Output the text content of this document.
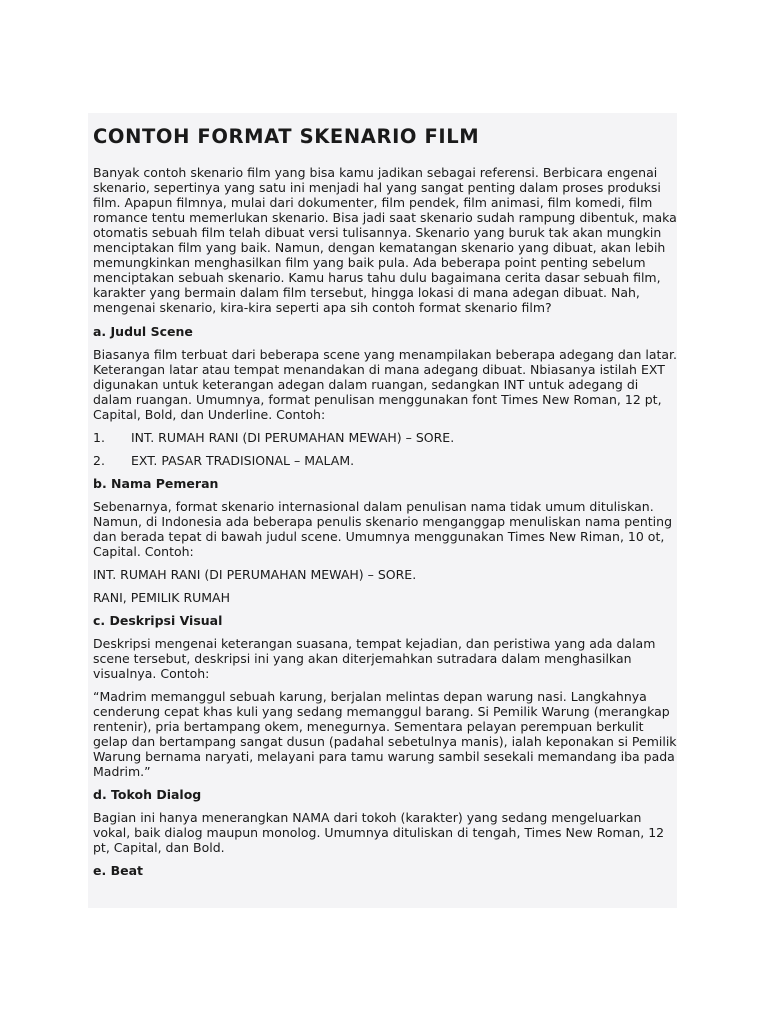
CONTOH FORMAT SKENARIO FILM

Banyak contoh skenario film yang bisa kamu jadikan sebagai referensi. Berbicara engenai skenario, sepertinya yang satu ini menjadi hal yang sangat penting dalam proses produksi film. Apapun filmnya, mulai dari dokumenter, film pendek, film animasi, film komedi, film romance tentu memerlukan skenario. Bisa jadi saat skenario sudah rampung dibentuk, maka otomatis sebuah film telah dibuat versi tulisannya. Skenario yang buruk tak akan mungkin menciptakan film yang baik. Namun, dengan kematangan skenario yang dibuat, akan lebih memungkinkan menghasilkan film yang baik pula. Ada beberapa point penting sebelum menciptakan sebuah skenario. Kamu harus tahu dulu bagaimana cerita dasar sebuah film, karakter yang bermain dalam film tersebut, hingga lokasi di mana adegan dibuat. Nah, mengenai skenario, kira-kira seperti apa sih contoh format skenario film?

a. Judul Scene

Biasanya film terbuat dari beberapa scene yang menampilakan beberapa adegang dan latar. Keterangan latar atau tempat menandakan di mana adegang dibuat. Nbiasanya istilah EXT digunakan untuk keterangan adegan dalam ruangan, sedangkan INT untuk adegang di dalam ruangan. Umumnya, format penulisan menggunakan font Times New Roman, 12 pt, Capital, Bold, dan Underline. Contoh:

1.	INT. RUMAH RANI (DI PERUMAHAN MEWAH) – SORE.
2.	EXT. PASAR TRADISIONAL – MALAM.
b. Nama Pemeran

Sebenarnya, format skenario internasional dalam penulisan nama tidak umum dituliskan. Namun, di Indonesia ada beberapa penulis skenario menganggap menuliskan nama penting dan berada tepat di bawah judul scene. Umumnya menggunakan Times New Riman, 10 ot, Capital. Contoh:

INT. RUMAH RANI (DI PERUMAHAN MEWAH) – SORE.

RANI, PEMILIK RUMAH

c. Deskripsi Visual

Deskripsi mengenai keterangan suasana, tempat kejadian, dan peristiwa yang ada dalam scene tersebut, deskripsi ini yang akan diterjemahkan sutradara dalam menghasilkan visualnya. Contoh:

“Madrim memanggul sebuah karung, berjalan melintas depan warung nasi. Langkahnya cenderung cepat khas kuli yang sedang memanggul barang. Si Pemilik Warung (merangkap rentenir), pria bertampang okem, menegurnya. Sementara pelayan perempuan berkulit gelap dan bertampang sangat dusun (padahal sebetulnya manis), ialah keponakan si Pemilik Warung bernama naryati, melayani para tamu warung sambil sesekali memandang iba pada Madrim.”

d. Tokoh Dialog

Bagian ini hanya menerangkan NAMA dari tokoh (karakter) yang sedang mengeluarkan vokal, baik dialog maupun monolog. Umumnya dituliskan di tengah, Times New Roman, 12 pt, Capital, dan Bold.

e. Beat
